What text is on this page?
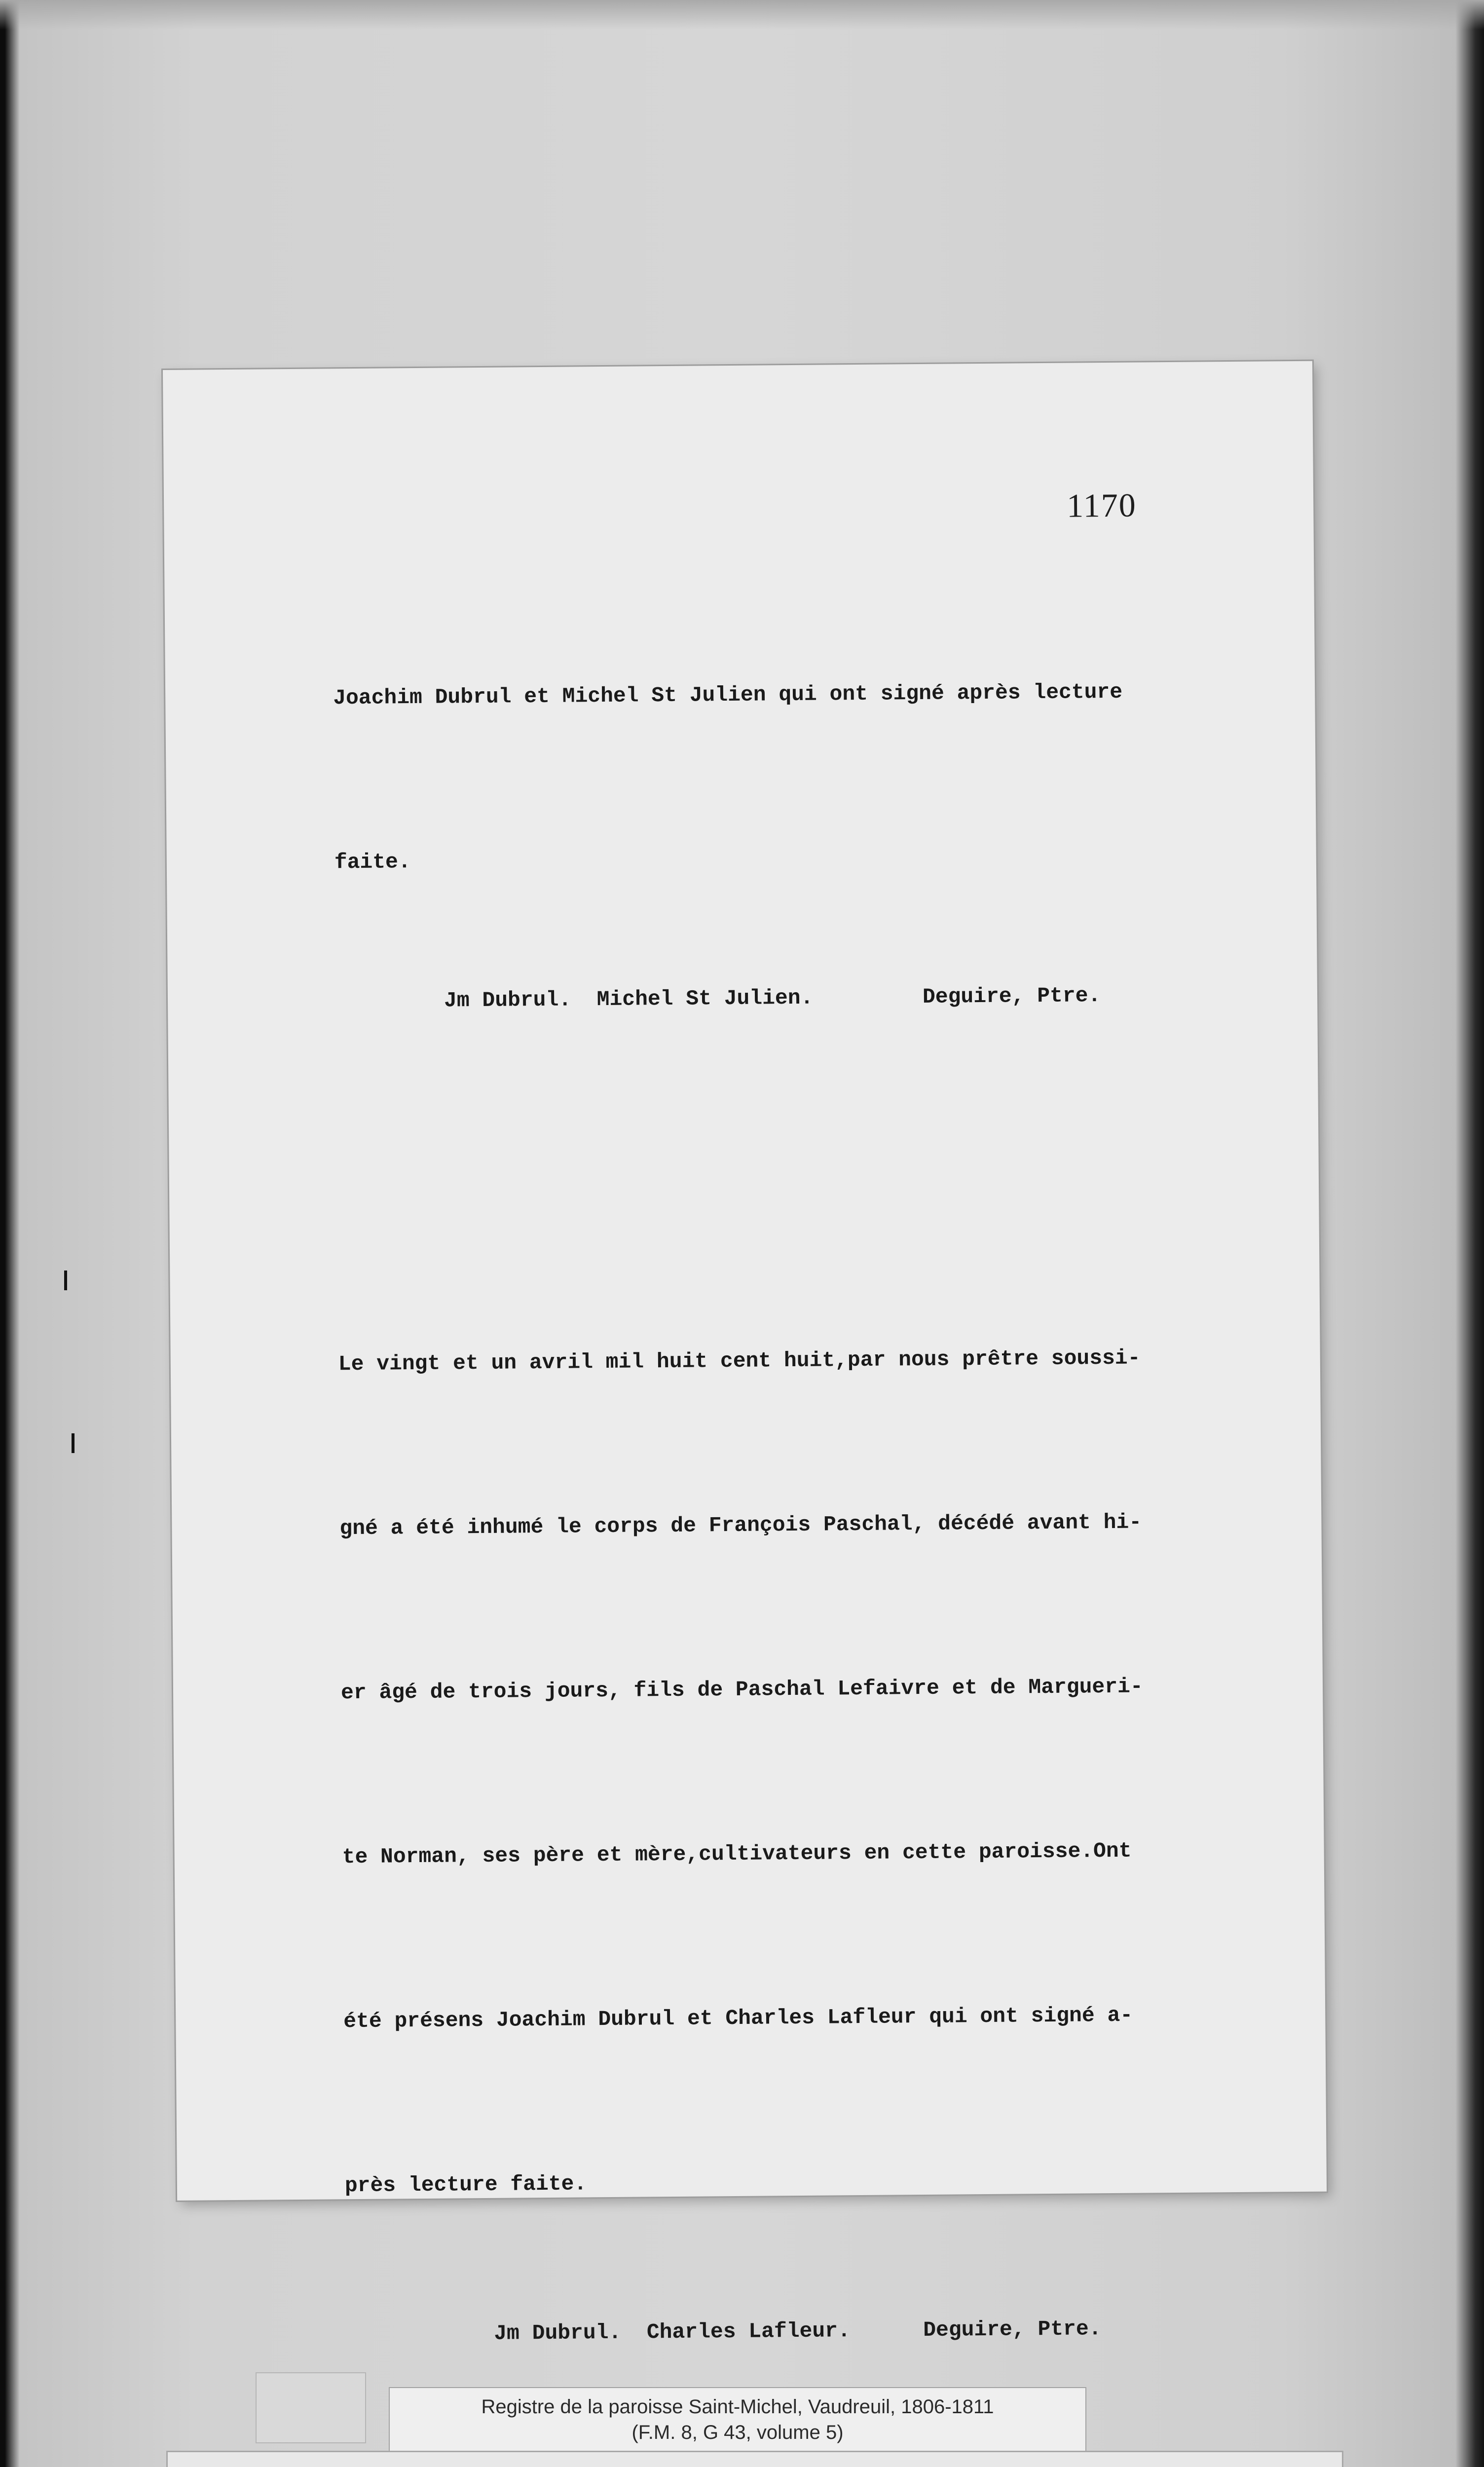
1170

Joachim Dubrul et Michel St Julien qui ont signé après lecture

faite.

Jm Dubrul.  Michel St Julien.

	Deguire, Ptre.

Le vingt et un avril mil huit cent huit,par nous prêtre soussi-

gné a été inhumé le corps de François Paschal, décédé avant hi-

er âgé de trois jours, fils de Paschal Lefaivre et de Margueri-

te Norman, ses père et mère,cultivateurs en cette paroisse.Ont

été présens Joachim Dubrul et Charles Lafleur qui ont signé a-

près lecture faite.

Jm Dubrul.  Charles Lafleur.

	Deguire, Ptre.

Registre de la paroisse Saint-Michel, Vaudreuil, 1806-1811
(F.M. 8, G 43, volume 5)
